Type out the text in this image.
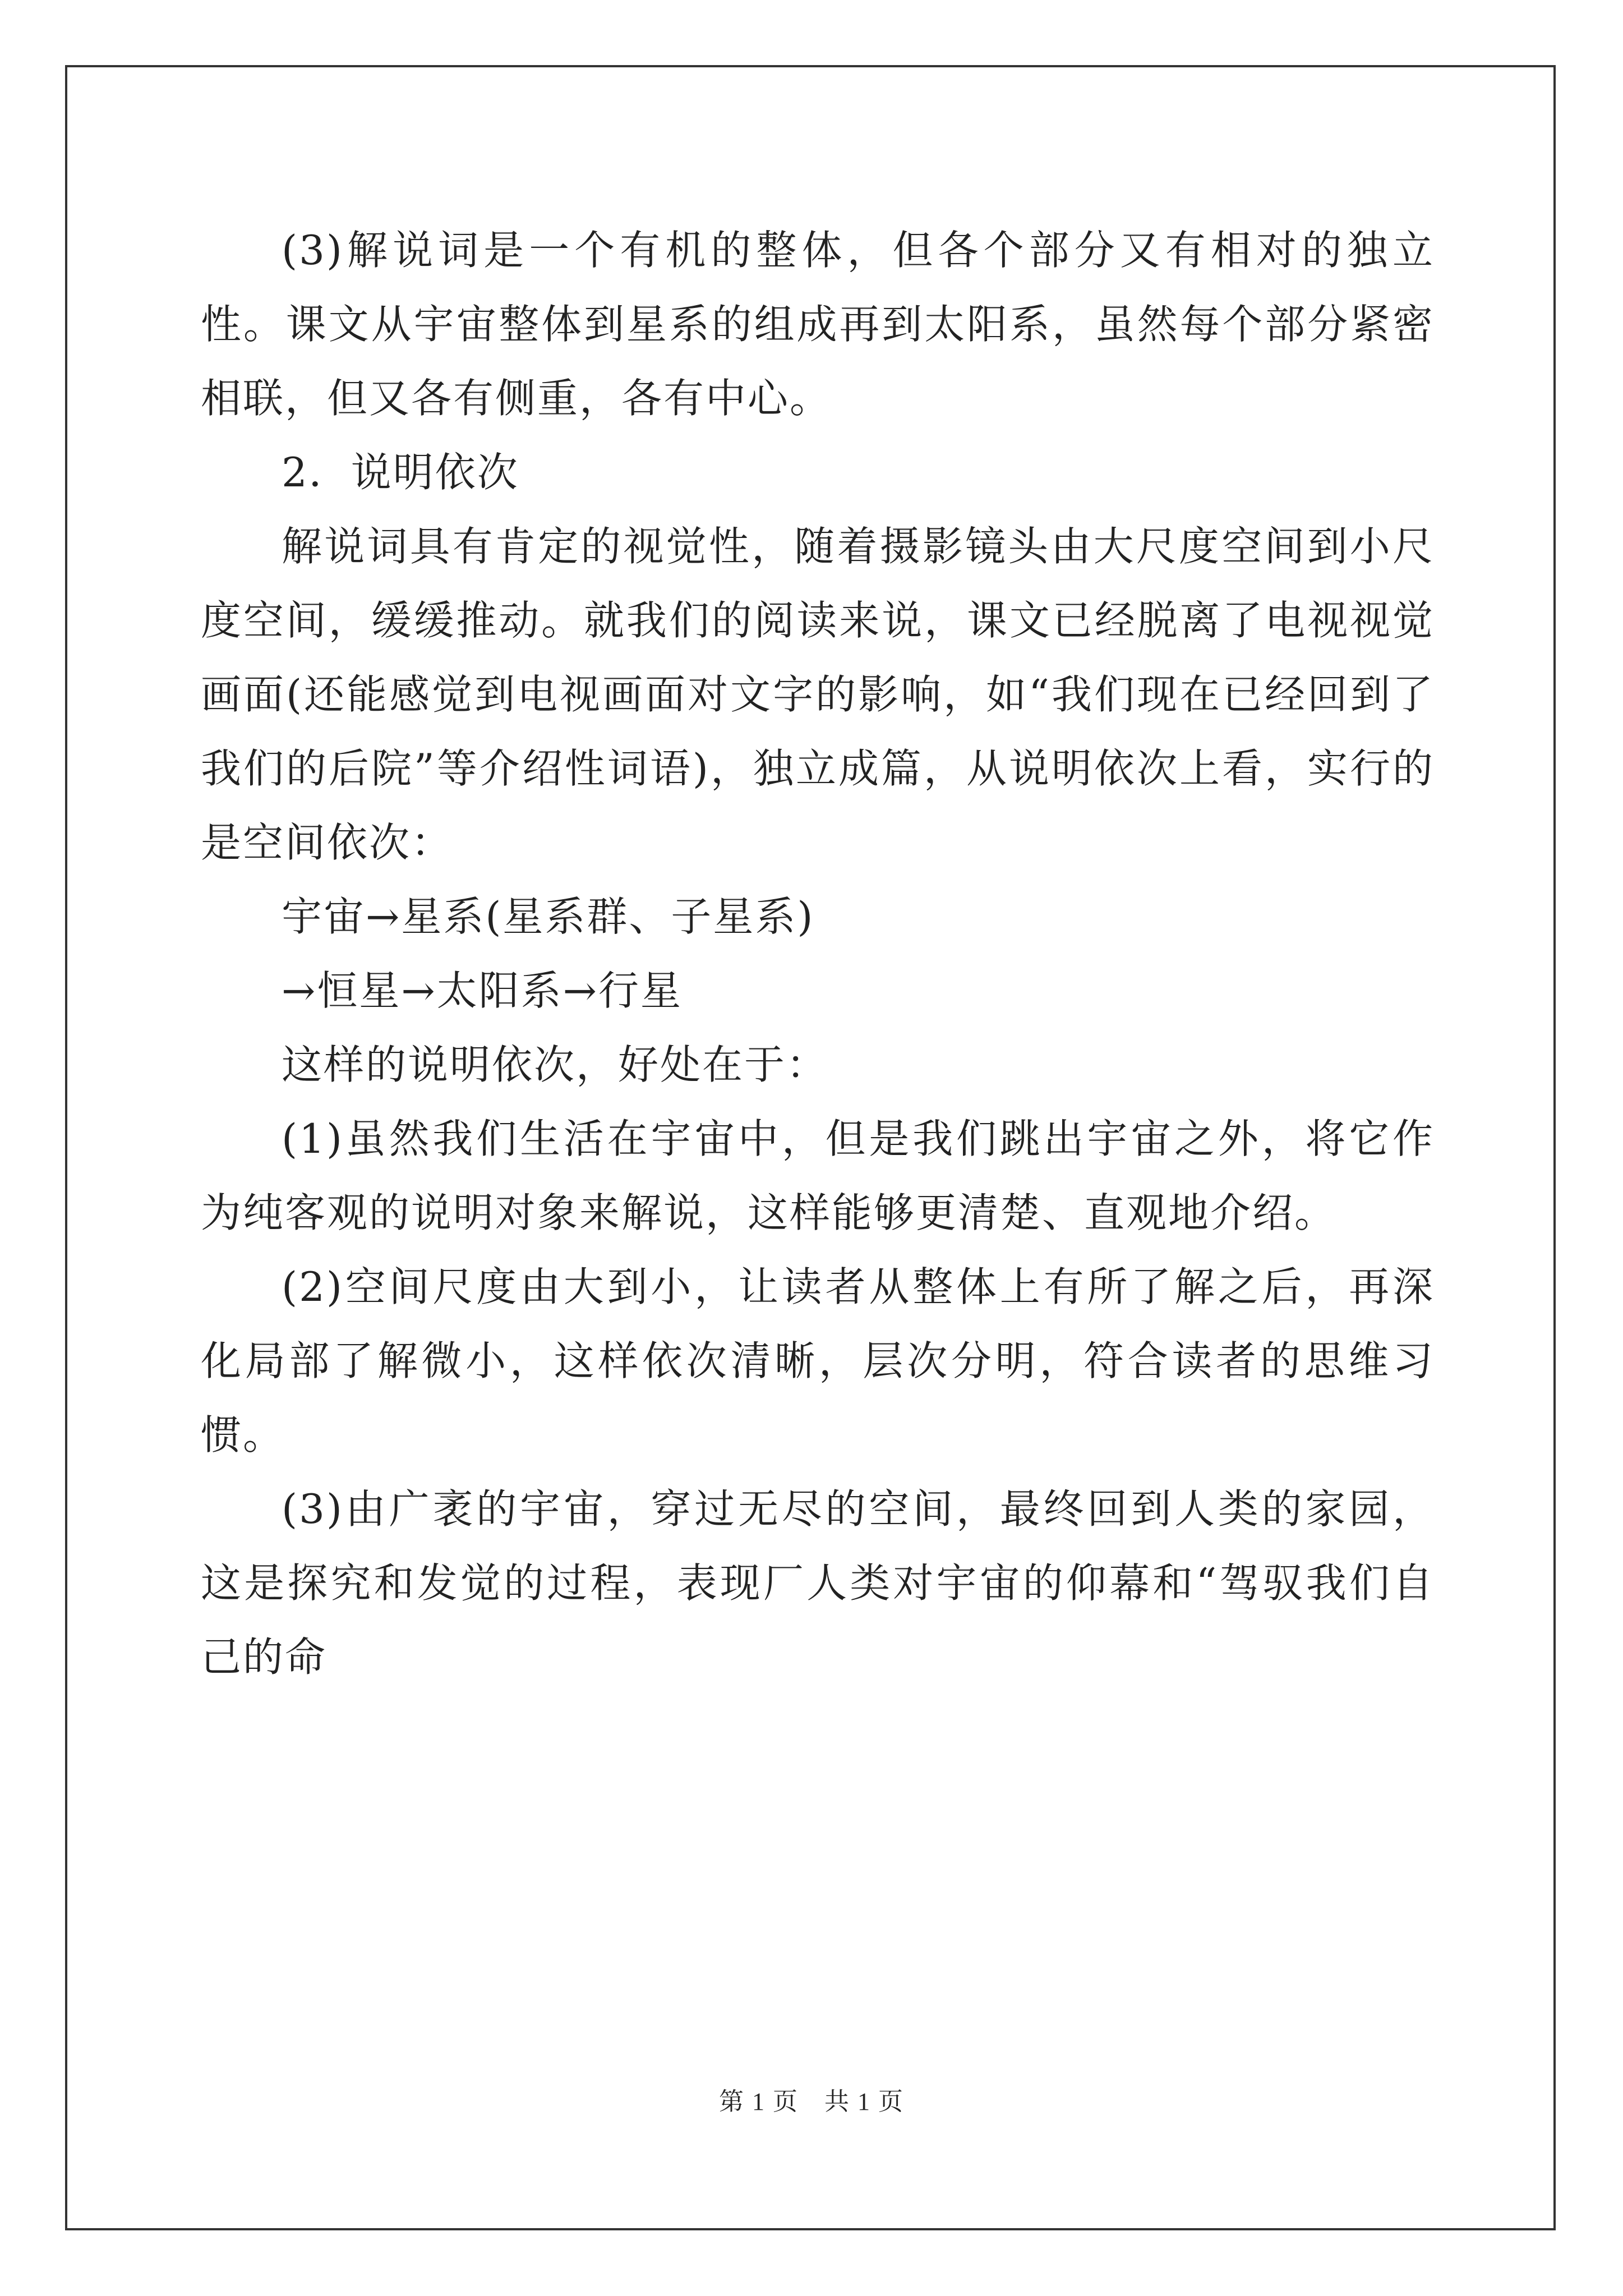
(3)解说词是一个有机的整体，但各个部分又有相对的独立性。课文从宇宙整体到星系的组成再到太阳系，虽然每个部分紧密相联，但又各有侧重，各有中心。

2．说明依次

解说词具有肯定的视觉性，随着摄影镜头由大尺度空间到小尺度空间，缓缓推动。就我们的阅读来说，课文已经脱离了电视视觉画面(还能感觉到电视画面对文字的影响，如“我们现在已经回到了我们的后院”等介绍性词语)，独立成篇，从说明依次上看，实行的是空间依次：

宇宙→星系(星系群、子星系)

→恒星→太阳系→行星

这样的说明依次，好处在于：

(1)虽然我们生活在宇宙中，但是我们跳出宇宙之外，将它作为纯客观的说明对象来解说，这样能够更清楚、直观地介绍。

(2)空间尺度由大到小，让读者从整体上有所了解之后，再深化局部了解微小，这样依次清晰，层次分明，符合读者的思维习惯。

(3)由广袤的宇宙，穿过无尽的空间，最终回到人类的家园，这是探究和发觉的过程，表现厂人类对宇宙的仰幕和“驾驭我们自己的命

第 1 页　共 1 页
